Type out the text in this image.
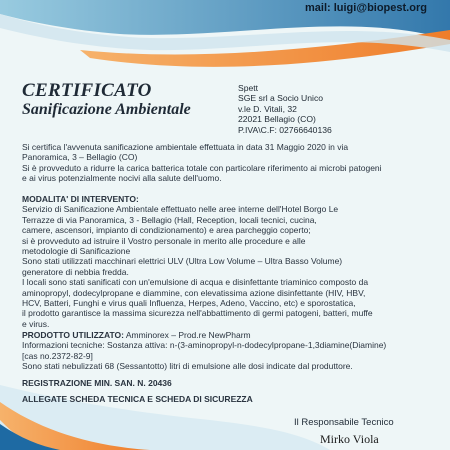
mail: luigi@biopest.org
CERTIFICATO
Sanificazione Ambientale
Spett
SGE srl a Socio Unico
v.le D. Vitali, 32
22021 Bellagio (CO)
P.IVA\C.F: 02766640136
Si certifica l'avvenuta sanificazione ambientale effettuata in data 31 Maggio 2020 in via
Panoramica, 3 – Bellagio (CO)
Si è provveduto a ridurre la carica batterica totale con particolare riferimento ai microbi patogeni
e ai virus potenzialmente nocivi alla salute dell'uomo.
MODALITA' DI INTERVENTO:
Servizio di Sanificazione Ambientale effettuato nelle aree interne dell'Hotel Borgo Le
Terrazze di via Panoramica, 3 - Bellagio (Hall, Reception, locali tecnici, cucina,
camere, ascensori, impianto di condizionamento) e area parcheggio coperto;
si è provveduto ad istruire il Vostro personale in merito alle procedure e alle
metodologie di Sanificazione
Sono stati utilizzati macchinari elettrici ULV (Ultra Low Volume – Ultra Basso Volume)
generatore di nebbia fredda.
I locali sono stati sanificati con un'emulsione di acqua e disinfettante triaminico composto da
aminopropyl, dodecylpropane e diammine, con elevatissima azione disinfettante (HIV, HBV,
HCV, Batteri, Funghi e virus quali Influenza, Herpes, Adeno, Vaccino, etc) e sporostatica,
il prodotto garantisce la massima sicurezza nell'abbattimento di germi patogeni, batteri, muffe
e virus.
PRODOTTO UTILIZZATO: Amminorex – Prod.re NewPharm
Informazioni tecniche: Sostanza attiva: n-(3-aminopropyl-n-dodecylpropane-1,3diamine(Diamine)
[cas no.2372-82-9]
Sono stati nebulizzati 68 (Sessantotto) litri di emulsione alle dosi indicate dal produttore.
REGISTRAZIONE MIN. SAN. N. 20436
ALLEGATE SCHEDA TECNICA E SCHEDA DI SICUREZZA
Il Responsabile Tecnico
Mirko Viola
